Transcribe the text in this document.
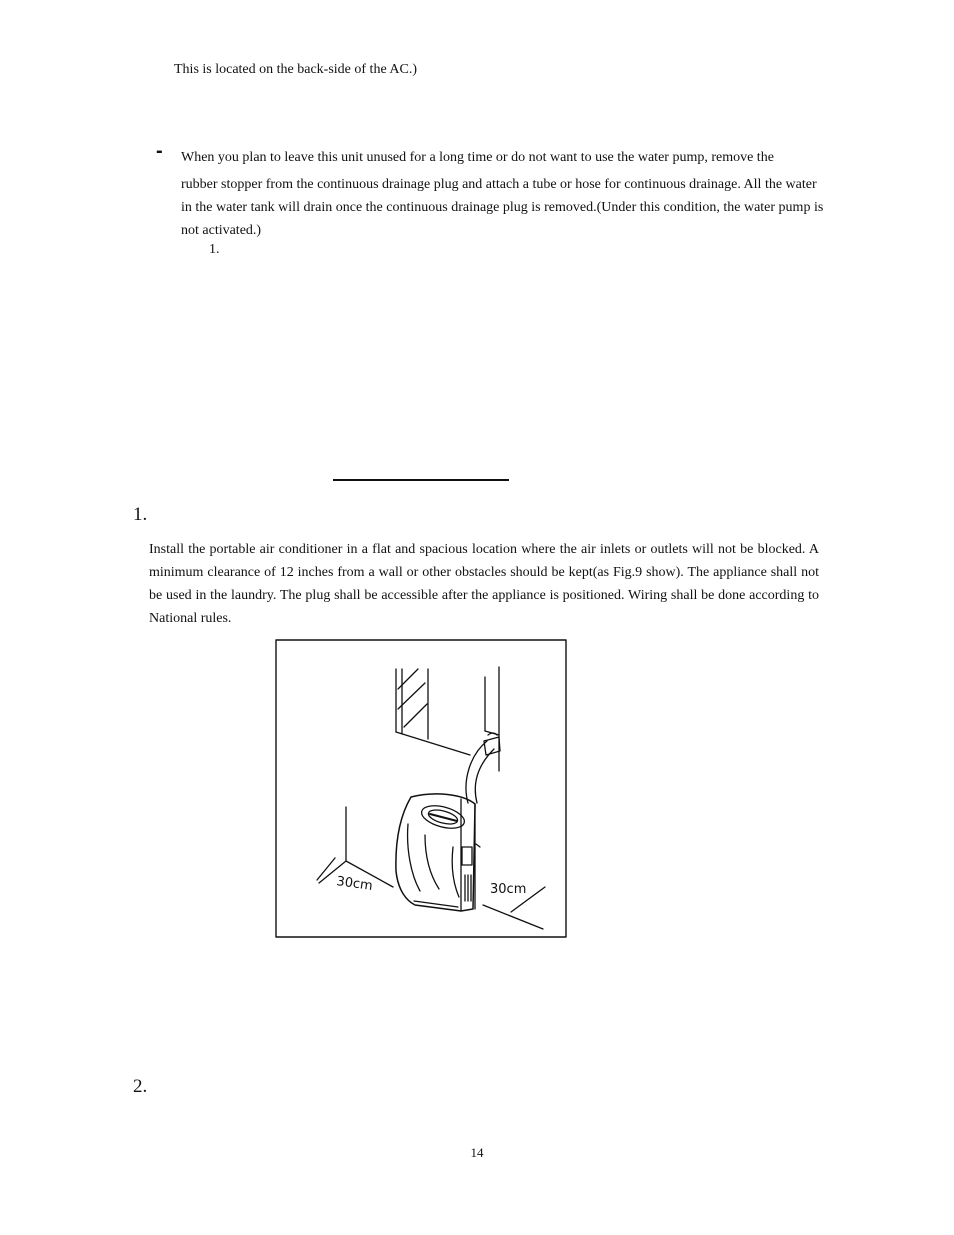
This is located on the back-side of the AC.)
- When you plan to leave this unit unused for a long time or do not want to use the water pump, remove the
rubber stopper from the continuous drainage plug and attach a tube or hose for continuous drainage. All the water in the water tank will drain once the continuous drainage plug is removed.(Under this condition, the water pump is not activated.)
1.
1.
Install the portable air conditioner in a flat and spacious location where the air inlets or outlets will not be blocked. A minimum clearance of 12 inches from a wall or other obstacles should be kept(as Fig.9 show). The appliance shall not be used in the laundry. The plug shall be accessible after the appliance is positioned. Wiring shall be done according to National rules.
30cm	30cm
2.
14
